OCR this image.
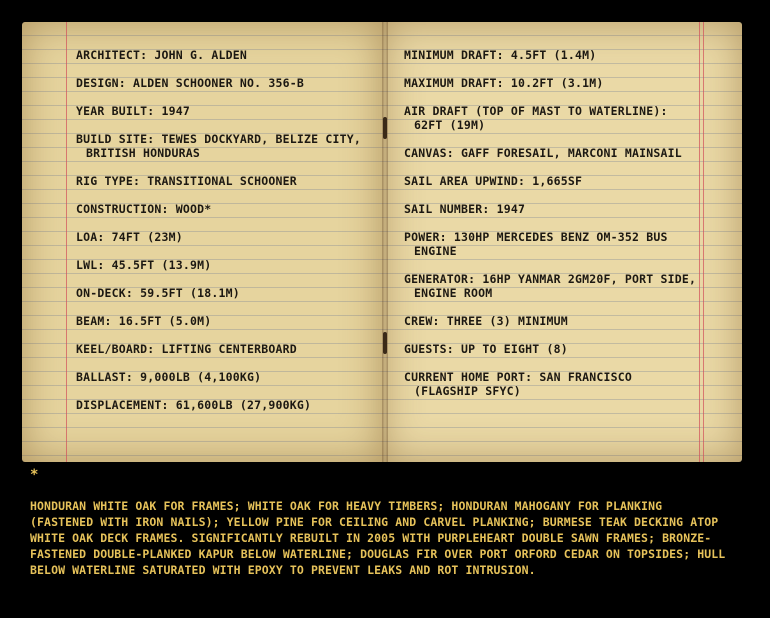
ARCHITECT: JOHN G. ALDEN
DESIGN: ALDEN SCHOONER NO. 356-B
YEAR BUILT: 1947
BUILD SITE: TEWES DOCKYARD, BELIZE CITY, BRITISH HONDURAS
RIG TYPE: TRANSITIONAL SCHOONER
CONSTRUCTION: WOOD*
LOA: 74FT (23M)
LWL: 45.5FT (13.9M)
ON-DECK: 59.5FT (18.1M)
BEAM: 16.5FT (5.0M)
KEEL/BOARD: LIFTING CENTERBOARD
BALLAST: 9,000LB (4,100KG)
DISPLACEMENT: 61,600LB (27,900KG)
MINIMUM DRAFT: 4.5FT (1.4M)
MAXIMUM DRAFT: 10.2FT (3.1M)
AIR DRAFT (TOP OF MAST TO WATERLINE): 62FT (19M)
CANVAS: GAFF FORESAIL, MARCONI MAINSAIL
SAIL AREA UPWIND: 1,665SF
SAIL NUMBER: 1947
POWER: 130HP MERCEDES BENZ OM-352 BUS ENGINE
GENERATOR: 16HP YANMAR 2GM20F, PORT SIDE, ENGINE ROOM
CREW: THREE (3) MINIMUM
GUESTS: UP TO EIGHT (8)
CURRENT HOME PORT: SAN FRANCISCO (FLAGSHIP SFYC)
*
HONDURAN WHITE OAK FOR FRAMES; WHITE OAK FOR HEAVY TIMBERS; HONDURAN MAHOGANY FOR PLANKING (FASTENED WITH IRON NAILS); YELLOW PINE FOR CEILING AND CARVEL PLANKING; BURMESE TEAK DECKING ATOP WHITE OAK DECK FRAMES. SIGNIFICANTLY REBUILT IN 2005 WITH PURPLEHEART DOUBLE SAWN FRAMES; BRONZE-FASTENED DOUBLE-PLANKED KAPUR BELOW WATERLINE; DOUGLAS FIR OVER PORT ORFORD CEDAR ON TOPSIDES; HULL BELOW WATERLINE SATURATED WITH EPOXY TO PREVENT LEAKS AND ROT INTRUSION.
